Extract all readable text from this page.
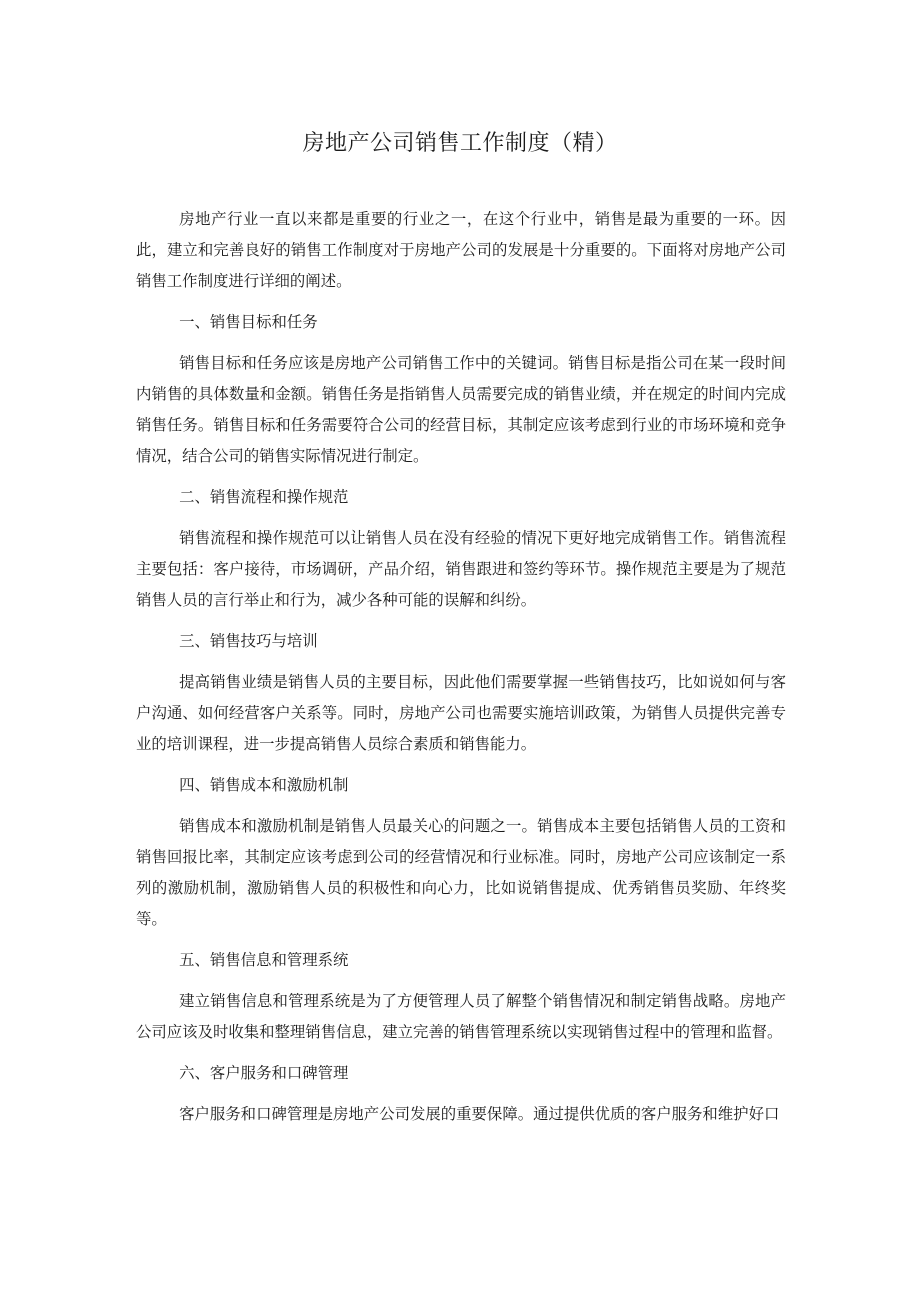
房地产公司销售工作制度（精）

房地产行业一直以来都是重要的行业之一，在这个行业中，销售是最为重要的一环。因此，建立和完善良好的销售工作制度对于房地产公司的发展是十分重要的。下面将对房地产公司销售工作制度进行详细的阐述。

一、销售目标和任务

销售目标和任务应该是房地产公司销售工作中的关键词。销售目标是指公司在某一段时间内销售的具体数量和金额。销售任务是指销售人员需要完成的销售业绩，并在规定的时间内完成销售任务。销售目标和任务需要符合公司的经营目标，其制定应该考虑到行业的市场环境和竞争情况，结合公司的销售实际情况进行制定。

二、销售流程和操作规范

销售流程和操作规范可以让销售人员在没有经验的情况下更好地完成销售工作。销售流程主要包括：客户接待，市场调研，产品介绍，销售跟进和签约等环节。操作规范主要是为了规范销售人员的言行举止和行为，减少各种可能的误解和纠纷。

三、销售技巧与培训

提高销售业绩是销售人员的主要目标，因此他们需要掌握一些销售技巧，比如说如何与客户沟通、如何经营客户关系等。同时，房地产公司也需要实施培训政策，为销售人员提供完善专业的培训课程，进一步提高销售人员综合素质和销售能力。

四、销售成本和激励机制

销售成本和激励机制是销售人员最关心的问题之一。销售成本主要包括销售人员的工资和销售回报比率，其制定应该考虑到公司的经营情况和行业标准。同时，房地产公司应该制定一系列的激励机制，激励销售人员的积极性和向心力，比如说销售提成、优秀销售员奖励、年终奖等。

五、销售信息和管理系统

建立销售信息和管理系统是为了方便管理人员了解整个销售情况和制定销售战略。房地产公司应该及时收集和整理销售信息，建立完善的销售管理系统以实现销售过程中的管理和监督。

六、客户服务和口碑管理

客户服务和口碑管理是房地产公司发展的重要保障。通过提供优质的客户服务和维护好口
